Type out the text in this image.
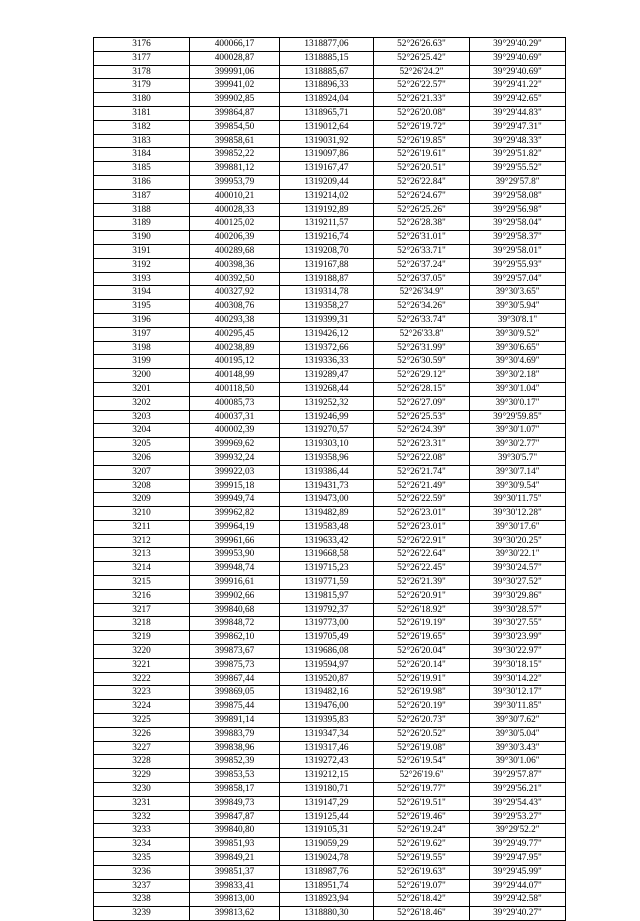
3176	400066,17	1318877,06	52°26'26.63"	39°29'40.29"
3177	400028,87	1318885,15	52°26'25.42"	39°29'40.69"
3178	399991,06	1318885,67	52°26'24.2"	39°29'40.69"
3179	399941,02	1318896,33	52°26'22.57"	39°29'41.22"
3180	399902,85	1318924,04	52°26'21.33"	39°29'42.65"
3181	399864,87	1318965,71	52°26'20.08"	39°29'44.83"
3182	399854,50	1319012,64	52°26'19.72"	39°29'47.31"
3183	399858,61	1319031,92	52°26'19.85"	39°29'48.33"
3184	399852,22	1319097,86	52°26'19.61"	39°29'51.82"
3185	399881,12	1319167,47	52°26'20.51"	39°29'55.52"
3186	399953,79	1319209,44	52°26'22.84"	39°29'57.8"
3187	400010,21	1319214,02	52°26'24.67"	39°29'58.08"
3188	400028,33	1319192,89	52°26'25.26"	39°29'56.98"
3189	400125,02	1319211,57	52°26'28.38"	39°29'58.04"
3190	400206,39	1319216,74	52°26'31.01"	39°29'58.37"
3191	400289,68	1319208,70	52°26'33.71"	39°29'58.01"
3192	400398,36	1319167,88	52°26'37.24"	39°29'55.93"
3193	400392,50	1319188,87	52°26'37.05"	39°29'57.04"
3194	400327,92	1319314,78	52°26'34.9"	39°30'3.65"
3195	400308,76	1319358,27	52°26'34.26"	39°30'5.94"
3196	400293,38	1319399,31	52°26'33.74"	39°30'8.1"
3197	400295,45	1319426,12	52°26'33.8"	39°30'9.52"
3198	400238,89	1319372,66	52°26'31.99"	39°30'6.65"
3199	400195,12	1319336,33	52°26'30.59"	39°30'4.69"
3200	400148,99	1319289,47	52°26'29.12"	39°30'2.18"
3201	400118,50	1319268,44	52°26'28.15"	39°30'1.04"
3202	400085,73	1319252,32	52°26'27.09"	39°30'0.17"
3203	400037,31	1319246,99	52°26'25.53"	39°29'59.85"
3204	400002,39	1319270,57	52°26'24.39"	39°30'1.07"
3205	399969,62	1319303,10	52°26'23.31"	39°30'2.77"
3206	399932,24	1319358,96	52°26'22.08"	39°30'5.7"
3207	399922,03	1319386,44	52°26'21.74"	39°30'7.14"
3208	399915,18	1319431,73	52°26'21.49"	39°30'9.54"
3209	399949,74	1319473,00	52°26'22.59"	39°30'11.75"
3210	399962,82	1319482,89	52°26'23.01"	39°30'12.28"
3211	399964,19	1319583,48	52°26'23.01"	39°30'17.6"
3212	399961,66	1319633,42	52°26'22.91"	39°30'20.25"
3213	399953,90	1319668,58	52°26'22.64"	39°30'22.1"
3214	399948,74	1319715,23	52°26'22.45"	39°30'24.57"
3215	399916,61	1319771,59	52°26'21.39"	39°30'27.52"
3216	399902,66	1319815,97	52°26'20.91"	39°30'29.86"
3217	399840,68	1319792,37	52°26'18.92"	39°30'28.57"
3218	399848,72	1319773,00	52°26'19.19"	39°30'27.55"
3219	399862,10	1319705,49	52°26'19.65"	39°30'23.99"
3220	399873,67	1319686,08	52°26'20.04"	39°30'22.97"
3221	399875,73	1319594,97	52°26'20.14"	39°30'18.15"
3222	399867,44	1319520,87	52°26'19.91"	39°30'14.22"
3223	399869,05	1319482,16	52°26'19.98"	39°30'12.17"
3224	399875,44	1319476,00	52°26'20.19"	39°30'11.85"
3225	399891,14	1319395,83	52°26'20.73"	39°30'7.62"
3226	399883,79	1319347,34	52°26'20.52"	39°30'5.04"
3227	399838,96	1319317,46	52°26'19.08"	39°30'3.43"
3228	399852,39	1319272,43	52°26'19.54"	39°30'1.06"
3229	399853,53	1319212,15	52°26'19.6"	39°29'57.87"
3230	399858,17	1319180,71	52°26'19.77"	39°29'56.21"
3231	399849,73	1319147,29	52°26'19.51"	39°29'54.43"
3232	399847,87	1319125,44	52°26'19.46"	39°29'53.27"
3233	399840,80	1319105,31	52°26'19.24"	39°29'52.2"
3234	399851,93	1319059,29	52°26'19.62"	39°29'49.77"
3235	399849,21	1319024,78	52°26'19.55"	39°29'47.95"
3236	399851,37	1318987,76	52°26'19.63"	39°29'45.99"
3237	399833,41	1318951,74	52°26'19.07"	39°29'44.07"
3238	399813,00	1318923,94	52°26'18.42"	39°29'42.58"
3239	399813,62	1318880,30	52°26'18.46"	39°29'40.27"
